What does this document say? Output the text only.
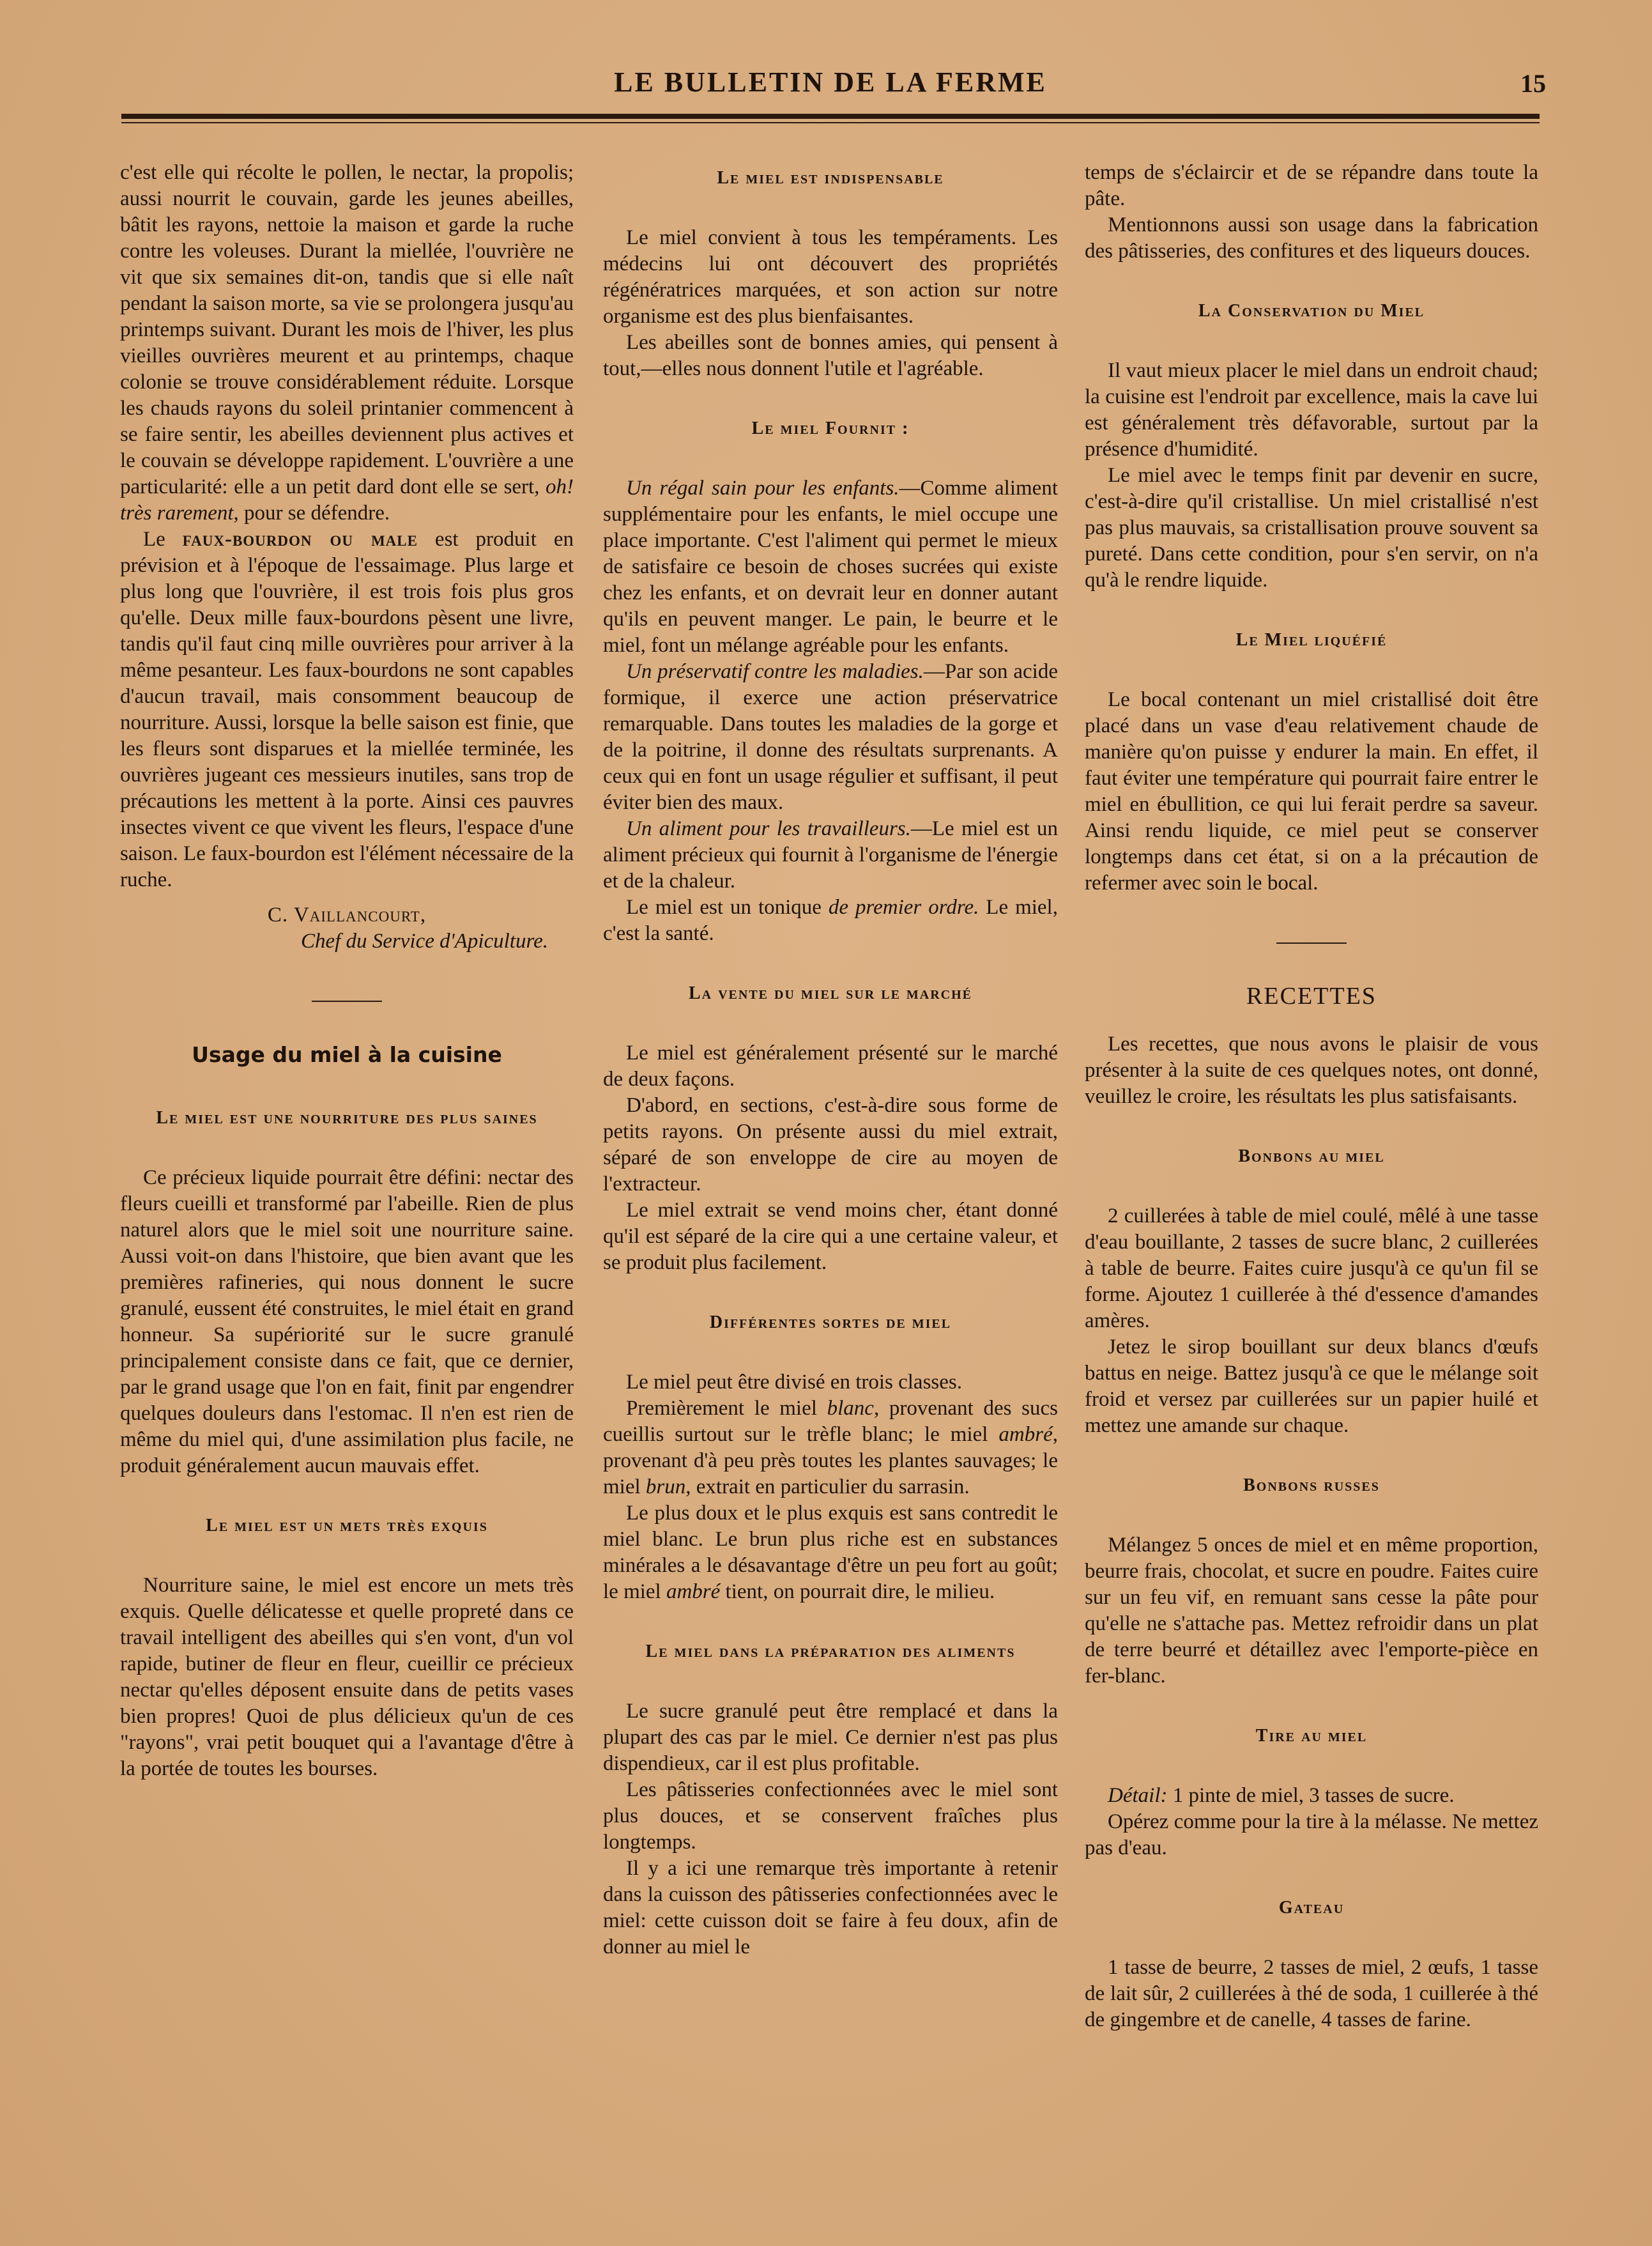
LE BULLETIN DE LA FERME	15

c'est elle qui récolte le pollen, le nectar, la propolis; aussi nourrit le couvain, garde les jeunes abeilles, bâtit les rayons, nettoie la maison et garde la ruche contre les voleuses. Durant la miellée, l'ouvrière ne vit que six semaines dit-on, tandis que si elle naît pendant la saison morte, sa vie se prolongera jusqu'au printemps suivant. Durant les mois de l'hiver, les plus vieilles ouvrières meurent et au printemps, chaque colonie se trouve considérablement réduite. Lorsque les chauds rayons du soleil printanier commencent à se faire sentir, les abeilles deviennent plus actives et le couvain se développe rapidement. L'ouvrière a une particularité: elle a un petit dard dont elle se sert, oh! très rarement, pour se défendre.

Le faux-bourdon ou male est produit en prévision et à l'époque de l'essaimage. Plus large et plus long que l'ouvrière, il est trois fois plus gros qu'elle. Deux mille faux-bourdons pèsent une livre, tandis qu'il faut cinq mille ouvrières pour arriver à la même pesanteur. Les faux-bourdons ne sont capables d'aucun travail, mais consomment beaucoup de nourriture. Aussi, lorsque la belle saison est finie, que les fleurs sont disparues et la miellée terminée, les ouvrières jugeant ces messieurs inutiles, sans trop de précautions les mettent à la porte. Ainsi ces pauvres insectes vivent ce que vivent les fleurs, l'espace d'une saison. Le faux-bourdon est l'élément nécessaire de la ruche.

C. Vaillancourt,
Chef du Service d'Apiculture.
Usage du miel à la cuisine
Le miel est une nourriture des plus saines

Ce précieux liquide pourrait être défini: nectar des fleurs cueilli et transformé par l'abeille. Rien de plus naturel alors que le miel soit une nourriture saine. Aussi voit-on dans l'histoire, que bien avant que les premières rafineries, qui nous donnent le sucre granulé, eussent été construites, le miel était en grand honneur. Sa supériorité sur le sucre granulé principalement consiste dans ce fait, que ce dernier, par le grand usage que l'on en fait, finit par engendrer quelques douleurs dans l'estomac. Il n'en est rien de même du miel qui, d'une assimilation plus facile, ne produit généralement aucun mauvais effet.

Le miel est un mets très exquis

Nourriture saine, le miel est encore un mets très exquis. Quelle délicatesse et quelle propreté dans ce travail intelligent des abeilles qui s'en vont, d'un vol rapide, butiner de fleur en fleur, cueillir ce précieux nectar qu'elles déposent ensuite dans de petits vases bien propres! Quoi de plus délicieux qu'un de ces "rayons", vrai petit bouquet qui a l'avantage d'être à la portée de toutes les bourses.

Le miel est indispensable

Le miel convient à tous les tempéraments. Les médecins lui ont découvert des propriétés régénératrices marquées, et son action sur notre organisme est des plus bienfaisantes.

Les abeilles sont de bonnes amies, qui pensent à tout,—elles nous donnent l'utile et l'agréable.

Le miel Fournit :

Un régal sain pour les enfants.—Comme aliment supplémentaire pour les enfants, le miel occupe une place importante. C'est l'aliment qui permet le mieux de satisfaire ce besoin de choses sucrées qui existe chez les enfants, et on devrait leur en donner autant qu'ils en peuvent manger. Le pain, le beurre et le miel, font un mélange agréable pour les enfants.

Un préservatif contre les maladies.—Par son acide formique, il exerce une action préservatrice remarquable. Dans toutes les maladies de la gorge et de la poitrine, il donne des résultats surprenants. A ceux qui en font un usage régulier et suffisant, il peut éviter bien des maux.

Un aliment pour les travailleurs.—Le miel est un aliment précieux qui fournit à l'organisme de l'énergie et de la chaleur.

Le miel est un tonique de premier ordre. Le miel, c'est la santé.

La vente du miel sur le marché

Le miel est généralement présenté sur le marché de deux façons.

D'abord, en sections, c'est-à-dire sous forme de petits rayons. On présente aussi du miel extrait, séparé de son enveloppe de cire au moyen de l'extracteur.

Le miel extrait se vend moins cher, étant donné qu'il est séparé de la cire qui a une certaine valeur, et se produit plus facilement.

Différentes sortes de miel

Le miel peut être divisé en trois classes.

Premièrement le miel blanc, provenant des sucs cueillis surtout sur le trèfle blanc; le miel ambré, provenant d'à peu près toutes les plantes sauvages; le miel brun, extrait en particulier du sarrasin.

Le plus doux et le plus exquis est sans contredit le miel blanc. Le brun plus riche est en substances minérales a le désavantage d'être un peu fort au goût; le miel ambré tient, on pourrait dire, le milieu.

Le miel dans la préparation des aliments

Le sucre granulé peut être remplacé et dans la plupart des cas par le miel. Ce dernier n'est pas plus dispendieux, car il est plus profitable.

Les pâtisseries confectionnées avec le miel sont plus douces, et se conservent fraîches plus longtemps.

Il y a ici une remarque très importante à retenir dans la cuisson des pâtisseries confectionnées avec le miel: cette cuisson doit se faire à feu doux, afin de donner au miel le

temps de s'éclaircir et de se répandre dans toute la pâte.

Mentionnons aussi son usage dans la fabrication des pâtisseries, des confitures et des liqueurs douces.

La Conservation du Miel

Il vaut mieux placer le miel dans un endroit chaud; la cuisine est l'endroit par excellence, mais la cave lui est généralement très défavorable, surtout par la présence d'humidité.

Le miel avec le temps finit par devenir en sucre, c'est-à-dire qu'il cristallise. Un miel cristallisé n'est pas plus mauvais, sa cristallisation prouve souvent sa pureté. Dans cette condition, pour s'en servir, on n'a qu'à le rendre liquide.

Le Miel liquéfié

Le bocal contenant un miel cristallisé doit être placé dans un vase d'eau relativement chaude de manière qu'on puisse y endurer la main. En effet, il faut éviter une température qui pourrait faire entrer le miel en ébullition, ce qui lui ferait perdre sa saveur. Ainsi rendu liquide, ce miel peut se conserver longtemps dans cet état, si on a la précaution de refermer avec soin le bocal.

RECETTES

Les recettes, que nous avons le plaisir de vous présenter à la suite de ces quelques notes, ont donné, veuillez le croire, les résultats les plus satisfaisants.

Bonbons au miel

2 cuillerées à table de miel coulé, mêlé à une tasse d'eau bouillante, 2 tasses de sucre blanc, 2 cuillerées à table de beurre. Faites cuire jusqu'à ce qu'un fil se forme. Ajoutez 1 cuillerée à thé d'essence d'amandes amères.

Jetez le sirop bouillant sur deux blancs d'œufs battus en neige. Battez jusqu'à ce que le mélange soit froid et versez par cuillerées sur un papier huilé et mettez une amande sur chaque.

Bonbons russes

Mélangez 5 onces de miel et en même proportion, beurre frais, chocolat, et sucre en poudre. Faites cuire sur un feu vif, en remuant sans cesse la pâte pour qu'elle ne s'attache pas. Mettez refroidir dans un plat de terre beurré et détaillez avec l'emporte-pièce en fer-blanc.

Tire au miel

Détail: 1 pinte de miel, 3 tasses de sucre.

Opérez comme pour la tire à la mélasse. Ne mettez pas d'eau.

Gateau

1 tasse de beurre, 2 tasses de miel, 2 œufs, 1 tasse de lait sûr, 2 cuillerées à thé de soda, 1 cuillerée à thé de gingembre et de canelle, 4 tasses de farine.
